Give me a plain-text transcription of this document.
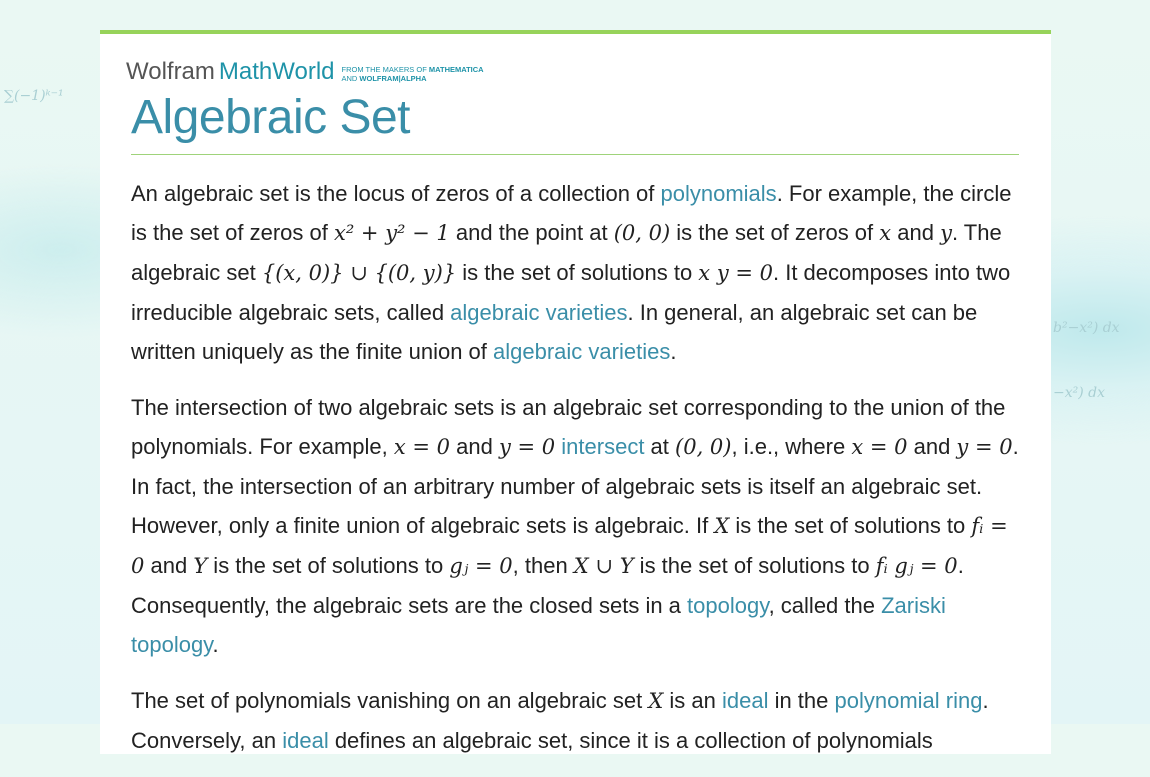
∑(−1)ᵏ⁻¹
b²−x²) dx
−x²) dx
Wolfram MathWorld FROM THE MAKERS OF MATHEMATICA
AND WOLFRAM|ALPHA
Algebraic Set

An algebraic set is the locus of zeros of a collection of polynomials. For example, the circle is the set of zeros of x² + y² − 1 and the point at (0, 0) is the set of zeros of x and y. The algebraic set {(x, 0)} ∪ {(0, y)} is the set of solutions to x y = 0. It decomposes into two irreducible algebraic sets, called algebraic varieties. In general, an algebraic set can be written uniquely as the finite union of algebraic varieties.

The intersection of two algebraic sets is an algebraic set corresponding to the union of the polynomials. For example, x = 0 and y = 0 intersect at (0, 0), i.e., where x = 0 and y = 0. In fact, the intersection of an arbitrary number of algebraic sets is itself an algebraic set. However, only a finite union of algebraic sets is algebraic. If X is the set of solutions to fᵢ = 0 and Y is the set of solutions to gⱼ = 0, then X ∪ Y is the set of solutions to fᵢ gⱼ = 0. Consequently, the algebraic sets are the closed sets in a topology, called the Zariski topology.

The set of polynomials vanishing on an algebraic set X is an ideal in the polynomial ring. Conversely, an ideal defines an algebraic set, since it is a collection of polynomials
